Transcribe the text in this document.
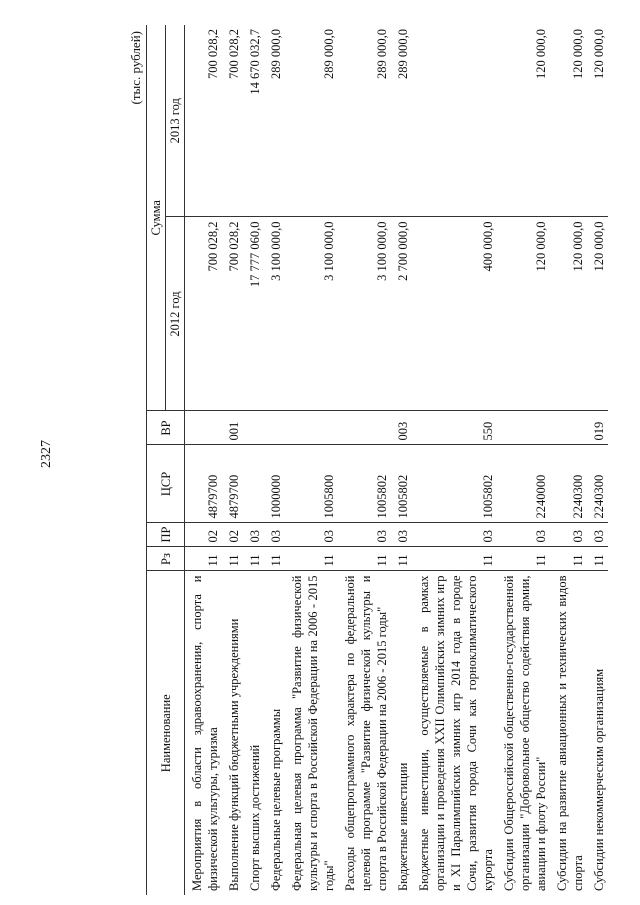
2327
(тыс. рублей)
Наименование	Рз	ПР	ЦСР	ВР	Сумма	
					2012 год	2013 год
Мероприятия в области здравоохранения, спорта и физической культуры, туризма	11	02	4879700		700 028,2	700 028,2
Выполнение функций бюджетными учреждениями	11	02	4879700	001	700 028,2	700 028,2
Спорт высших достижений	11	03			17 777 060,0	14 670 032,7
Федеральные целевые программы	11	03	1000000		3 100 000,0	289 000,0
Федеральная целевая программа "Развитие физической культуры и спорта в Российской Федерации на 2006 - 2015 годы"	11	03	1005800		3 100 000,0	289 000,0
Расходы общепрограммного характера по федеральной целевой программе "Развитие физической культуры и спорта в Российской Федерации на 2006 - 2015 годы"	11	03	1005802		3 100 000,0	289 000,0
Бюджетные инвестиции	11	03	1005802	003	2 700 000,0	289 000,0
Бюджетные инвестиции, осуществляемые в рамках организации и проведения XXII Олимпийских зимних игр и XI Паралимпийских зимних игр 2014 года в городе Сочи, развития города Сочи как горноклиматического курорта	11	03	1005802	550	400 000,0	
Субсидии Общероссийской общественно-государственной организации "Добровольное общество содействия армии, авиации и флоту России"	11	03	2240000		120 000,0	120 000,0
Субсидии на развитие авиационных и технических видов спорта	11	03	2240300		120 000,0	120 000,0
Субсидии некоммерческим организациям	11	03	2240300	019	120 000,0	120 000,0
